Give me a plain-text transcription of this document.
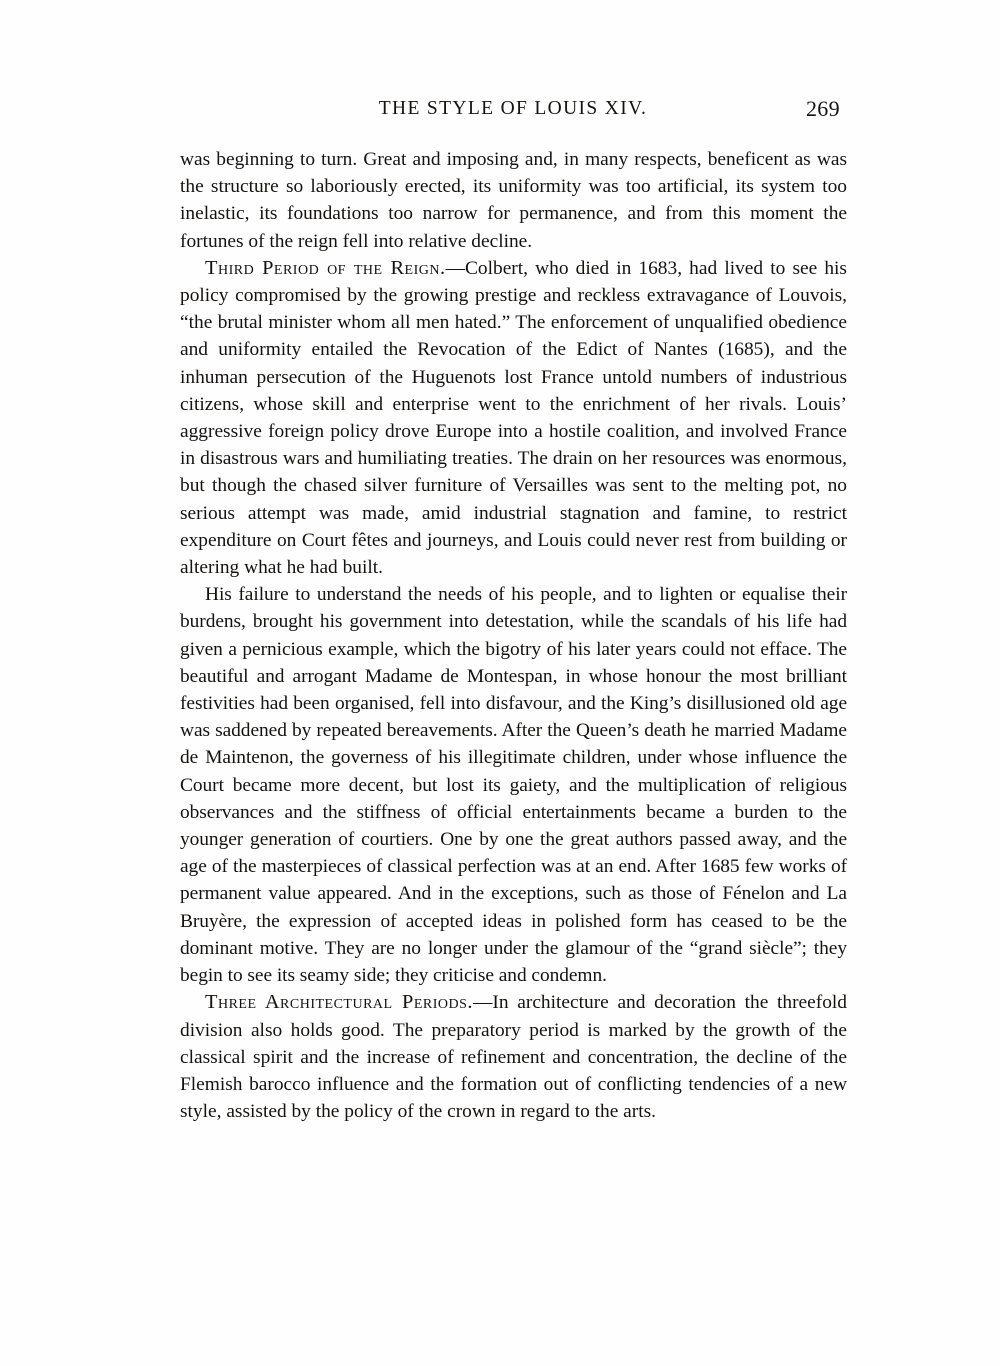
THE STYLE OF LOUIS XIV.	269

was beginning to turn. Great and imposing and, in many respects, beneficent as was the structure so laboriously erected, its uniformity was too artificial, its system too inelastic, its foundations too narrow for permanence, and from this moment the fortunes of the reign fell into relative decline.

Third Period of the Reign.—Colbert, who died in 1683, had lived to see his policy compromised by the growing prestige and reckless extravagance of Louvois, “the brutal minister whom all men hated.” The enforcement of unqualified obedience and uniformity entailed the Revocation of the Edict of Nantes (1685), and the inhuman persecution of the Huguenots lost France untold numbers of industrious citizens, whose skill and enterprise went to the enrichment of her rivals. Louis’ aggressive foreign policy drove Europe into a hostile coalition, and involved France in disastrous wars and humiliating treaties. The drain on her resources was enormous, but though the chased silver furniture of Versailles was sent to the melting pot, no serious attempt was made, amid industrial stagnation and famine, to restrict expenditure on Court fêtes and journeys, and Louis could never rest from building or altering what he had built.

His failure to understand the needs of his people, and to lighten or equalise their burdens, brought his government into detestation, while the scandals of his life had given a pernicious example, which the bigotry of his later years could not efface. The beautiful and arrogant Madame de Montespan, in whose honour the most brilliant festivities had been organised, fell into disfavour, and the King’s disillusioned old age was saddened by repeated bereavements. After the Queen’s death he married Madame de Maintenon, the governess of his illegitimate children, under whose influence the Court became more decent, but lost its gaiety, and the multiplication of religious observances and the stiffness of official entertainments became a burden to the younger generation of courtiers. One by one the great authors passed away, and the age of the masterpieces of classical perfection was at an end. After 1685 few works of permanent value appeared. And in the exceptions, such as those of Fénelon and La Bruyère, the expression of accepted ideas in polished form has ceased to be the dominant motive. They are no longer under the glamour of the “grand siècle”; they begin to see its seamy side; they criticise and condemn.

Three Architectural Periods.—In architecture and decoration the threefold division also holds good. The preparatory period is marked by the growth of the classical spirit and the increase of refinement and concentration, the decline of the Flemish barocco influence and the formation out of conflicting tendencies of a new style, assisted by the policy of the crown in regard to the arts.
